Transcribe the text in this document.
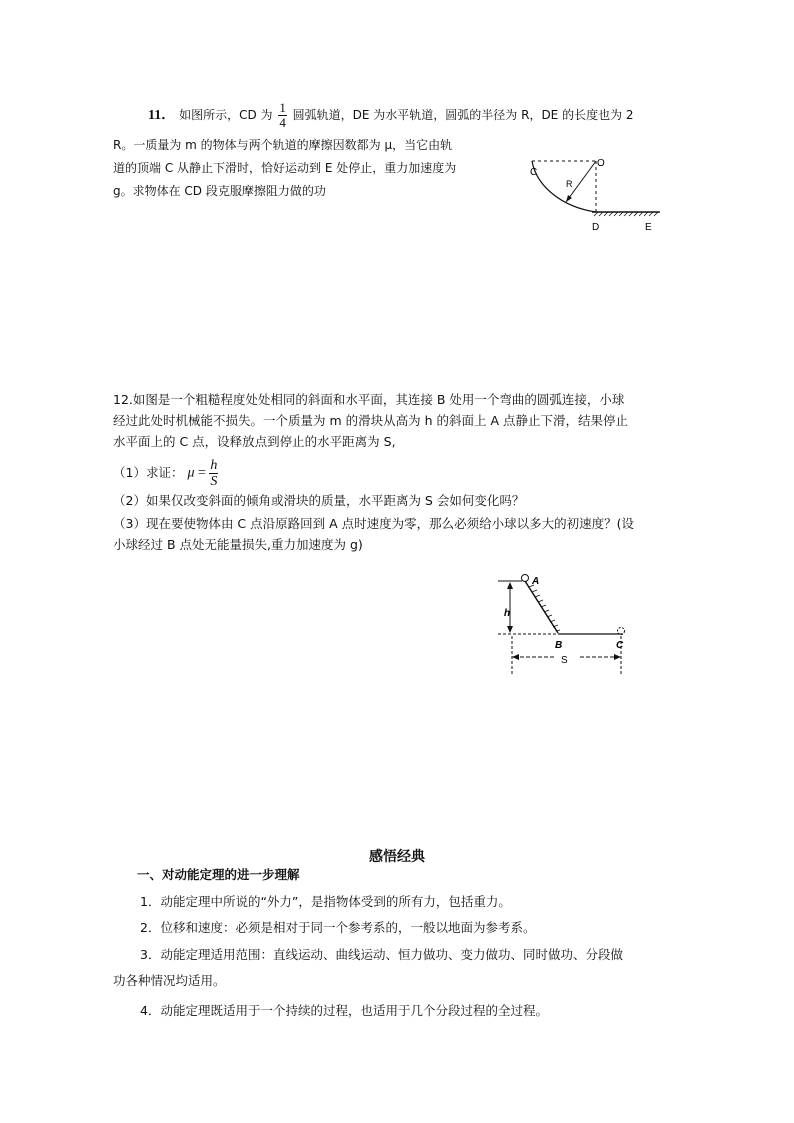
11． 如图所示，CD 为 $\frac{1}{4}$ 圆弧轨道，DE 为水平轨道，圆弧的半径为 R，DE 的长度也为 2
R。一质量为 m 的物体与两个轨道的摩擦因数都为 μ，当它由轨
道的顶端 C 从静止下滑时，恰好运动到 E 处停止，重力加速度为
g。求物体在 CD 段克服摩擦阻力做的功
C
O
R
D	E
12.如图是一个粗糙程度处处相同的斜面和水平面，其连接 B 处用一个弯曲的圆弧连接，小球
经过此处时机械能不损失。一个质量为 m 的滑块从高为 h 的斜面上 A 点静止下滑，结果停止
水平面上的 C 点，设释放点到停止的水平距离为 S,
（1）求证： $\mu = \frac{h}{S}$
（2）如果仅改变斜面的倾角或滑块的质量，水平距离为 S 会如何变化吗？
（3）现在要使物体由 C 点沿原路回到 A 点时速度为零，那么必须给小球以多大的初速度？(设
小球经过 B 点处无能量损失,重力加速度为 g)
A
h
B	C
S
感悟经典
一、对动能定理的进一步理解
1．动能定理中所说的“外力”，是指物体受到的所有力，包括重力。
2．位移和速度：必须是相对于同一个参考系的，一般以地面为参考系。
3．动能定理适用范围：直线运动、曲线运动、恒力做功、变力做功、同时做功、分段做
功各种情况均适用。
4．动能定理既适用于一个持续的过程，也适用于几个分段过程的全过程。
